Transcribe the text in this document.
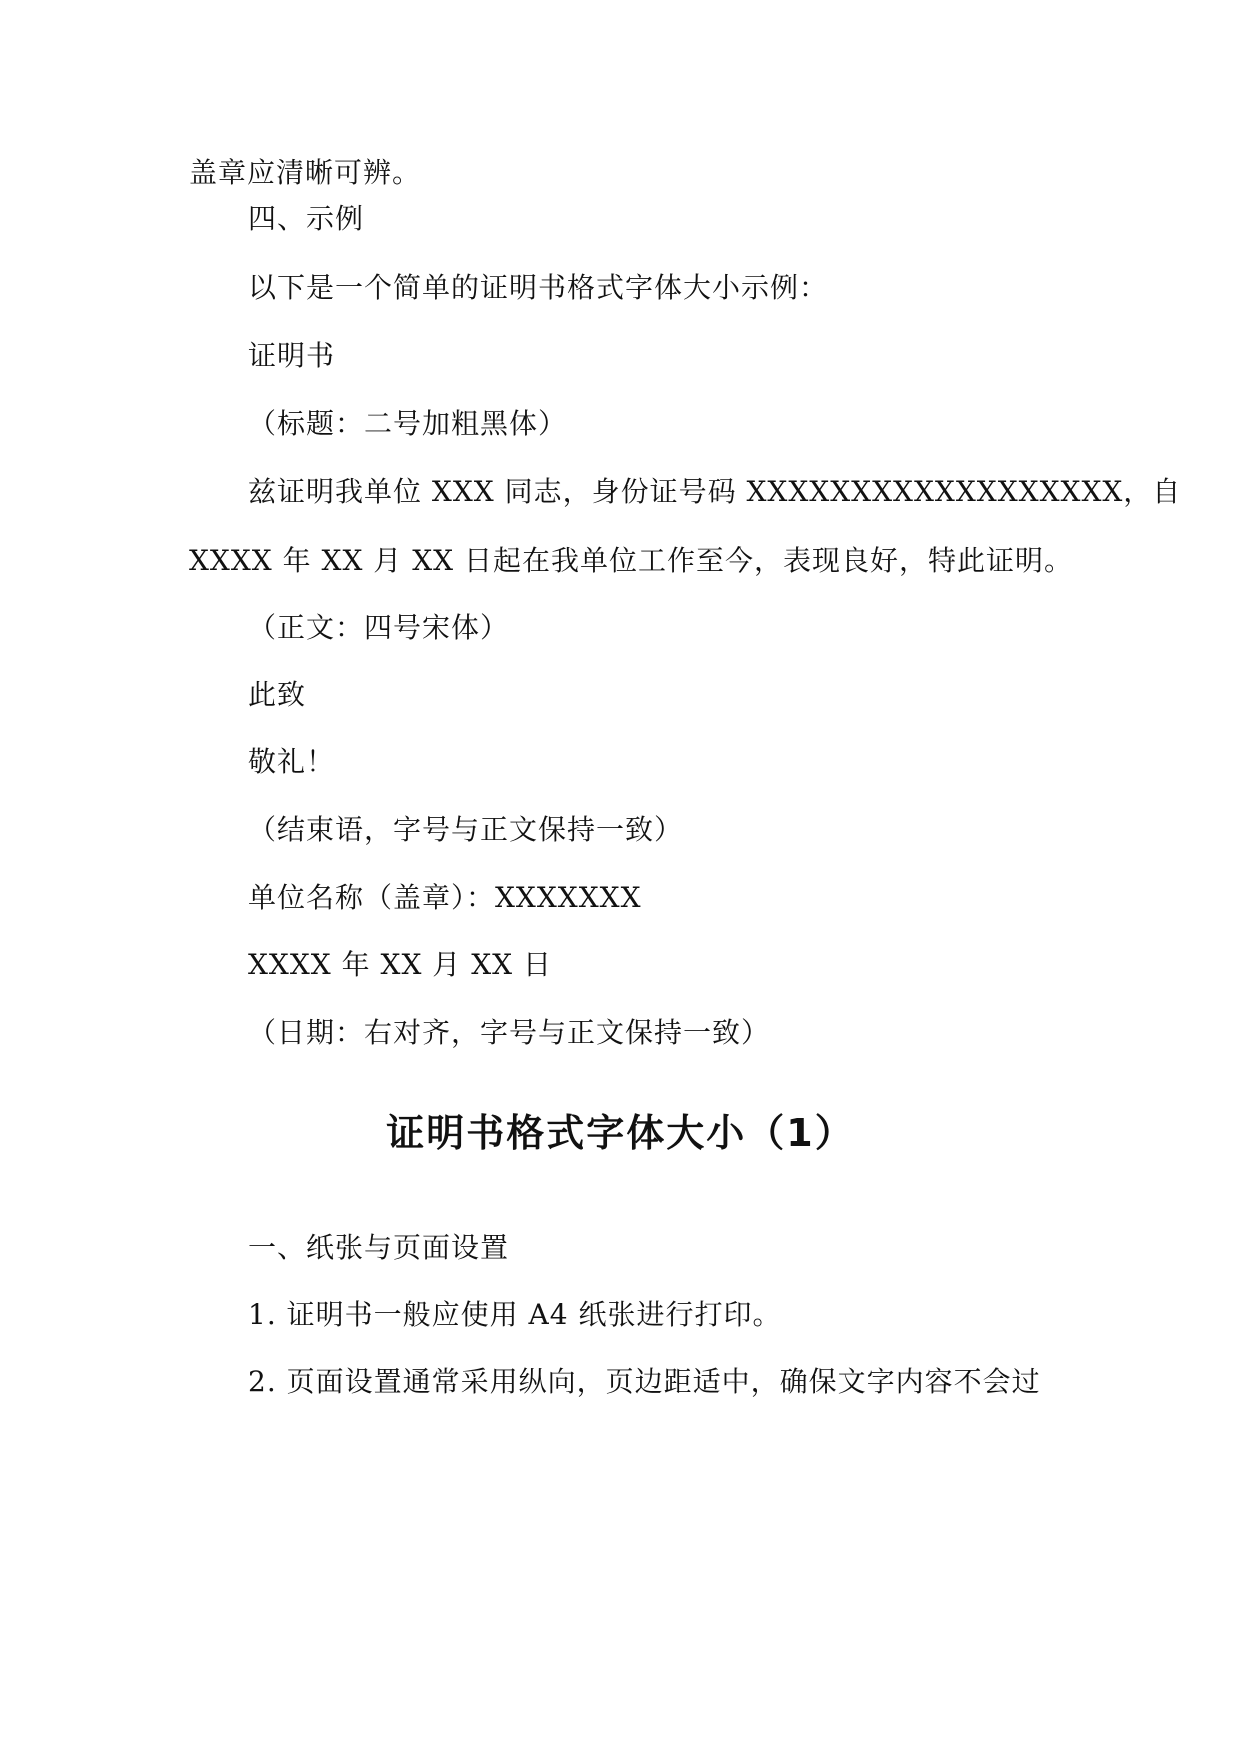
盖章应清晰可辨。
四、示例
以下是一个简单的证明书格式字体大小示例：
证明书
（标题：二号加粗黑体）
兹证明我单位 XXX 同志，身份证号码 XXXXXXXXXXXXXXXXXX，自
XXXX 年 XX 月 XX 日起在我单位工作至今，表现良好，特此证明。
（正文：四号宋体）
此致
敬礼！
（结束语，字号与正文保持一致）
单位名称（盖章）：XXXXXXX
XXXX 年 XX 月 XX 日
（日期：右对齐，字号与正文保持一致）
证明书格式字体大小（1）
一、纸张与页面设置
1. 证明书一般应使用 A4 纸张进行打印。
2. 页面设置通常采用纵向，页边距适中，确保文字内容不会过
